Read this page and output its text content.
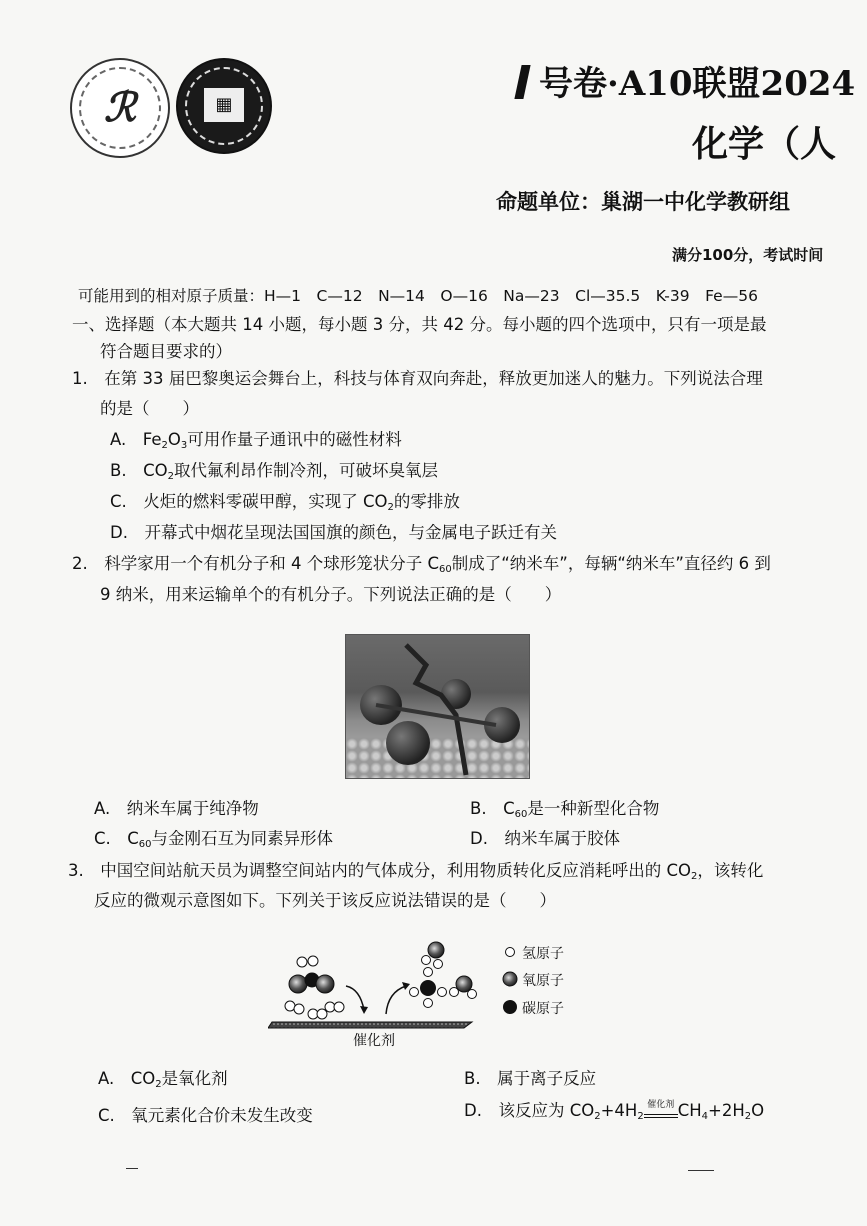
ℛ	▦
号卷·A10联盟2024
化学（人
命题单位：巢湖一中化学教研组
满分100分，考试时间
可能用到的相对原子质量：H—1　C—12　N—14　O—16　Na—23　Cl—35.5　K-39　Fe—56
一、选择题（本大题共 14 小题，每小题 3 分，共 42 分。每小题的四个选项中，只有一项是最
符合题目要求的）
1.　在第 33 届巴黎奥运会舞台上，科技与体育双向奔赴，释放更加迷人的魅力。下列说法合理
的是（　　）
A.　$Fe_2O_3$可用作量子通讯中的磁性材料
B.　$CO_2$取代氟利昂作制冷剂，可破坏臭氧层
C.　火炬的燃料零碳甲醇，实现了 $CO_2$的零排放
D.　开幕式中烟花呈现法国国旗的颜色，与金属电子跃迁有关
2.　科学家用一个有机分子和 4 个球形笼状分子 $C_{60}$制成了“纳米车”，每辆“纳米车”直径约 6 到
9 纳米，用来运输单个的有机分子。下列说法正确的是（　　）
A.　纳米车属于纯净物	B.　$C_{60}$是一种新型化合物
C.　$C_{60}$与金刚石互为同素异形体	D.　纳米车属于胶体
3.　中国空间站航天员为调整空间站内的气体成分，利用物质转化反应消耗呼出的 $CO_2$，该转化
反应的微观示意图如下。下列关于该反应说法错误的是（　　）
氢原子
氧原子
碳原子
催化剂
A.　$CO_2$是氧化剂	B.　属于离子反应
C.　氧元素化合价未发生改变	D.　该反应为 $CO_2+4H_2$
催化剂 $CH_4+2H_2O$
